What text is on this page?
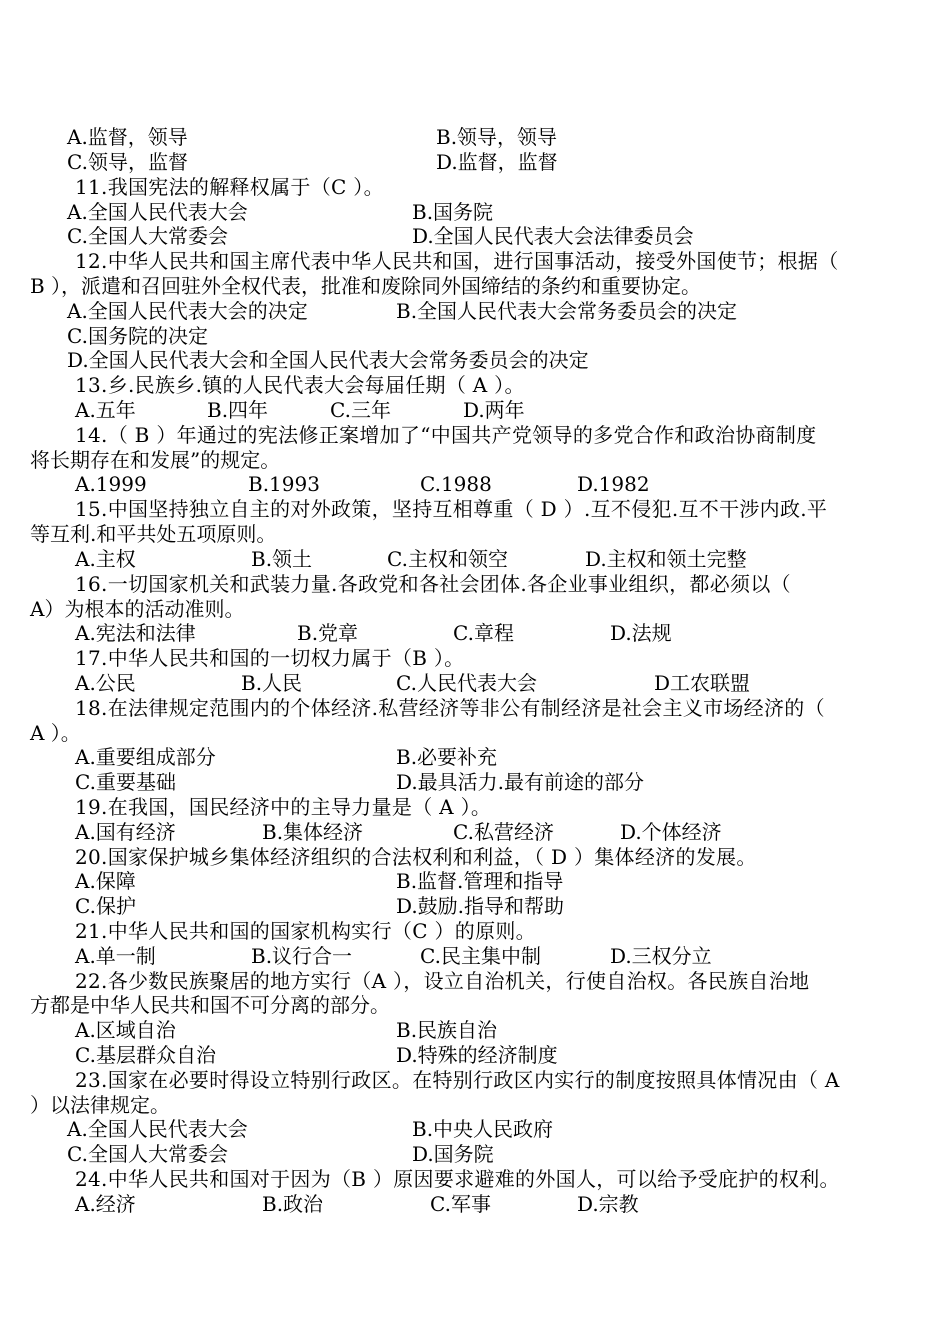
A.监督，领导	B.领导，领导
C.领导，监督	D.监督，监督
11.我国宪法的解释权属于（C ）。
A.全国人民代表大会	B.国务院
C.全国人大常委会	D.全国人民代表大会法律委员会
12.中华人民共和国主席代表中华人民共和国，进行国事活动，接受外国使节；根据（
B ），派遣和召回驻外全权代表，批准和废除同外国缔结的条约和重要协定。
A.全国人民代表大会的决定	B.全国人民代表大会常务委员会的决定
C.国务院的决定
D.全国人民代表大会和全国人民代表大会常务委员会的决定
13.乡.民族乡.镇的人民代表大会每届任期（ A ）。
A.五年	B.四年	C.三年	D.两年
14.（ B ）年通过的宪法修正案增加了“中国共产党领导的多党合作和政治协商制度
将长期存在和发展”的规定。
A.1999	B.1993	C.1988	D.1982
15.中国坚持独立自主的对外政策，坚持互相尊重（ D ）.互不侵犯.互不干涉内政.平
等互利.和平共处五项原则。
A.主权	B.领土	C.主权和领空	D.主权和领土完整
16.一切国家机关和武装力量.各政党和各社会团体.各企业事业组织，都必须以（
A）为根本的活动准则。
A.宪法和法律	B.党章	C.章程	D.法规
17.中华人民共和国的一切权力属于（B ）。
A.公民	B.人民	C.人民代表大会	D工农联盟
18.在法律规定范围内的个体经济.私营经济等非公有制经济是社会主义市场经济的（
A ）。
A.重要组成部分	B.必要补充
C.重要基础	D.最具活力.最有前途的部分
19.在我国，国民经济中的主导力量是（ A ）。
A.国有经济	B.集体经济	C.私营经济	D.个体经济
20.国家保护城乡集体经济组织的合法权利和利益，（ D ）集体经济的发展。
A.保障	B.监督.管理和指导
C.保护	D.鼓励.指导和帮助
21.中华人民共和国的国家机构实行（C ）的原则。
A.单一制	B.议行合一	C.民主集中制	D.三权分立
22.各少数民族聚居的地方实行（A ），设立自治机关，行使自治权。各民族自治地
方都是中华人民共和国不可分离的部分。
A.区域自治	B.民族自治
C.基层群众自治	D.特殊的经济制度
23.国家在必要时得设立特别行政区。在特别行政区内实行的制度按照具体情况由（ A
）以法律规定。
A.全国人民代表大会	B.中央人民政府
C.全国人大常委会	D.国务院
24.中华人民共和国对于因为（B ）原因要求避难的外国人，可以给予受庇护的权利。
A.经济	B.政治	C.军事	D.宗教
